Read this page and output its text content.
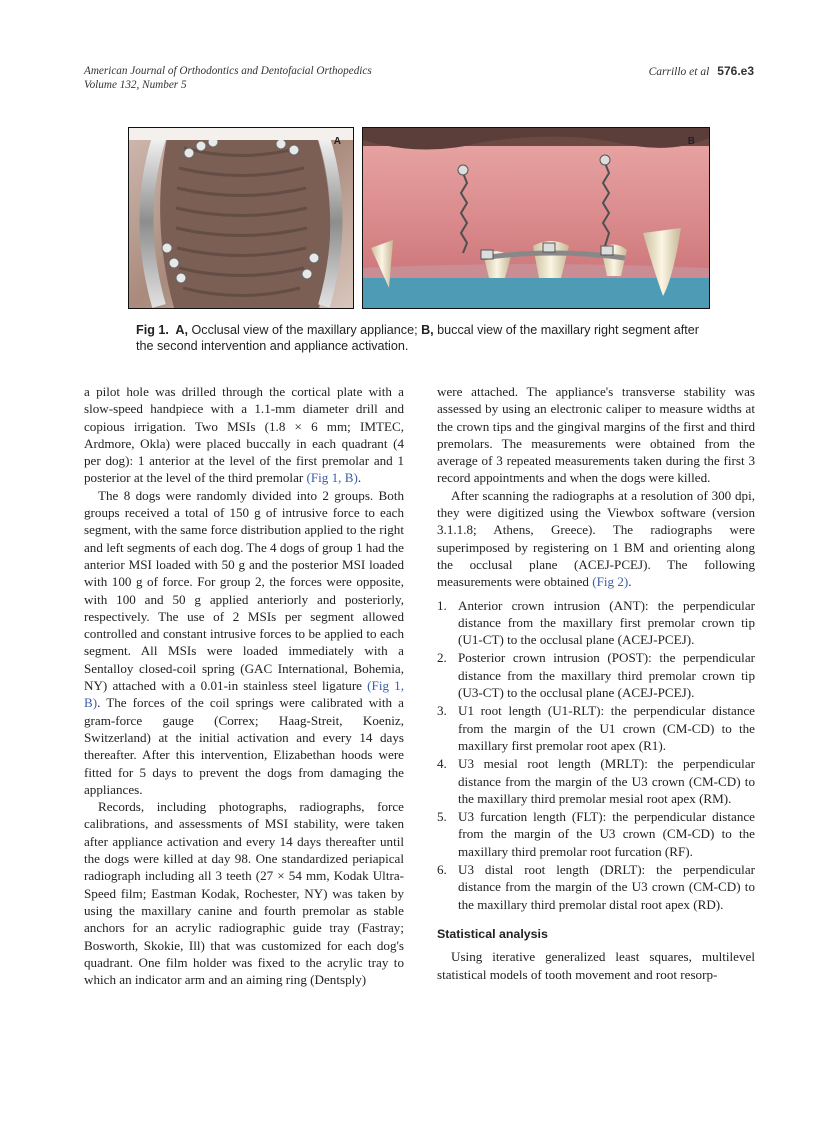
American Journal of Orthodontics and Dentofacial Orthopedics
Volume 132, Number 5
Carrillo et al 576.e3
A	B
Fig 1. A, Occlusal view of the maxillary appliance; B, buccal view of the maxillary right segment after the second intervention and appliance activation.

a pilot hole was drilled through the cortical plate with a slow-speed handpiece with a 1.1-mm diameter drill and copious irrigation. Two MSIs (1.8 × 6 mm; IMTEC, Ardmore, Okla) were placed buccally in each quadrant (4 per dog): 1 anterior at the level of the first premolar and 1 posterior at the level of the third premolar (Fig 1, B).

The 8 dogs were randomly divided into 2 groups. Both groups received a total of 150 g of intrusive force to each segment, with the same force distribution applied to the right and left segments of each dog. The 4 dogs of group 1 had the anterior MSI loaded with 50 g and the posterior MSI loaded with 100 g of force. For group 2, the forces were opposite, with 100 and 50 g applied anteriorly and posteriorly, respectively. The use of 2 MSIs per segment allowed controlled and constant intrusive forces to be applied to each segment. All MSIs were loaded immediately with a Sentalloy closed-coil spring (GAC International, Bohemia, NY) attached with a 0.01-in stainless steel ligature (Fig 1, B). The forces of the coil springs were calibrated with a gram-force gauge (Correx; Haag-Streit, Koeniz, Switzerland) at the initial activation and every 14 days thereafter. After this intervention, Elizabethan hoods were fitted for 5 days to prevent the dogs from damaging the appliances.

Records, including photographs, radiographs, force calibrations, and assessments of MSI stability, were taken after appliance activation and every 14 days thereafter until the dogs were killed at day 98. One standardized periapical radiograph including all 3 teeth (27 × 54 mm, Kodak Ultra-Speed film; Eastman Kodak, Rochester, NY) was taken by using the maxillary canine and fourth premolar as stable anchors for an acrylic radiographic guide tray (Fastray; Bosworth, Skokie, Ill) that was customized for each dog's quadrant. One film holder was fixed to the acrylic tray to which an indicator arm and an aiming ring (Dentsply)

were attached. The appliance's transverse stability was assessed by using an electronic caliper to measure widths at the crown tips and the gingival margins of the first and third premolars. The measurements were obtained from the average of 3 repeated measurements taken during the first 3 record appointments and when the dogs were killed.

After scanning the radiographs at a resolution of 300 dpi, they were digitized using the Viewbox software (version 3.1.1.8; Athens, Greece). The radiographs were superimposed by registering on 1 BM and orienting along the occlusal plane (ACEJ-PCEJ). The following measurements were obtained (Fig 2).

1. Anterior crown intrusion (ANT): the perpendicular distance from the maxillary first premolar crown tip (U1-CT) to the occlusal plane (ACEJ-PCEJ).
2. Posterior crown intrusion (POST): the perpendicular distance from the maxillary third premolar crown tip (U3-CT) to the occlusal plane (ACEJ-PCEJ).
3. U1 root length (U1-RLT): the perpendicular distance from the margin of the U1 crown (CM-CD) to the maxillary first premolar root apex (R1).
4. U3 mesial root length (MRLT): the perpendicular distance from the margin of the U3 crown (CM-CD) to the maxillary third premolar mesial root apex (RM).
5. U3 furcation length (FLT): the perpendicular distance from the margin of the U3 crown (CM-CD) to the maxillary third premolar root furcation (RF).
6. U3 distal root length (DRLT): the perpendicular distance from the margin of the U3 crown (CM-CD) to the maxillary third premolar distal root apex (RD).
Statistical analysis

Using iterative generalized least squares, multilevel statistical models of tooth movement and root resorp-
